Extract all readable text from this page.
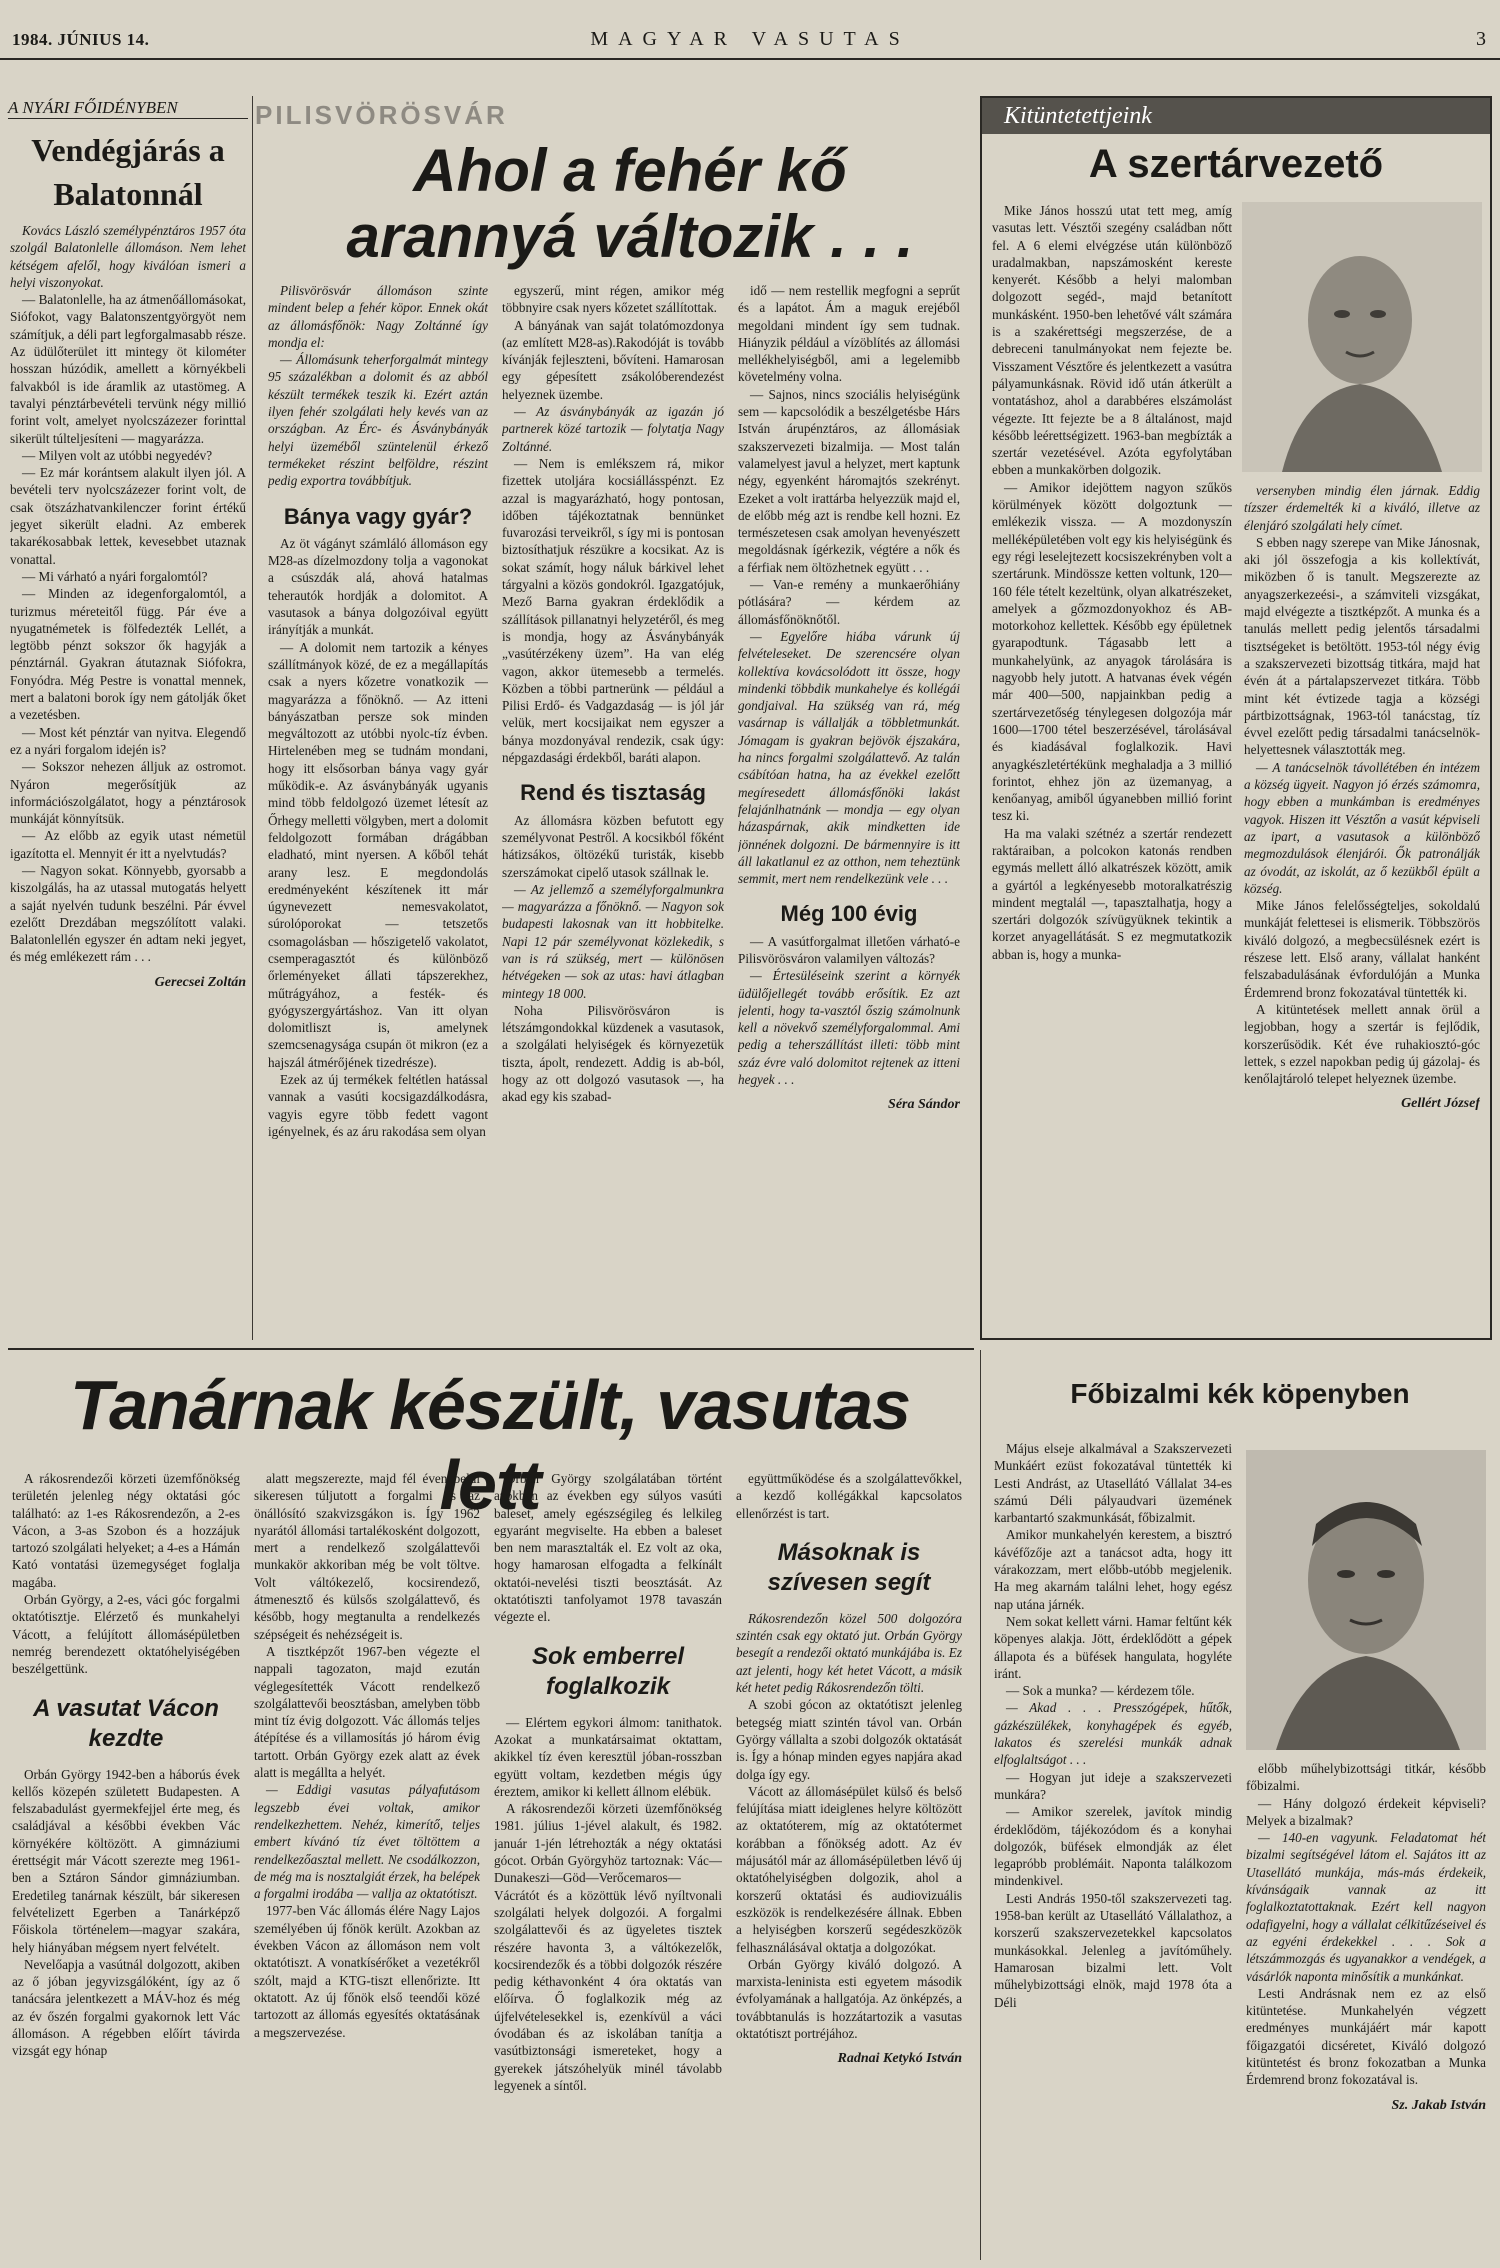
1984. JÚNIUS 14.	MAGYAR VASUTAS	3
A NYÁRI FŐIDÉNYBEN
Vendégjárás a Balatonnál

Kovács László személypénztáros 1957 óta szolgál Balatonlelle állomáson. Nem lehet kétségem afelől, hogy kiválóan ismeri a helyi viszonyokat.

— Balatonlelle, ha az átmenőállomásokat, Siófokot, vagy Balatonszentgyörgyöt nem számítjuk, a déli part legforgalmasabb része. Az üdülőterület itt mintegy öt kilométer hosszan húzódik, amellett a környékbeli falvakból is ide áramlik az utastömeg. A tavalyi pénztárbevételi tervünk négy millió forint volt, amelyet nyolcszázezer forinttal sikerült túlteljesíteni — magyarázza.

— Milyen volt az utóbbi negyedév?

— Ez már korántsem alakult ilyen jól. A bevételi terv nyolcszázezer forint volt, de csak ötszázhatvankilenczer forint értékű jegyet sikerült eladni. Az emberek takarékosabbak lettek, kevesebbet utaznak vonattal.

— Mi várható a nyári forgalomtól?

— Minden az idegenforgalomtól, a turizmus méreteitől függ. Pár éve a nyugatnémetek is fölfedezték Lellét, a legtöbb pénzt sokszor ők hagyják a pénztárnál. Gyakran átutaznak Siófokra, Fonyódra. Még Pestre is vonattal mennek, mert a balatoni borok így nem gátolják őket a vezetésben.

— Most két pénztár van nyitva. Elegendő ez a nyári forgalom idején is?

— Sokszor nehezen álljuk az ostromot. Nyáron megerősítjük az információszolgálatot, hogy a pénztárosok munkáját könnyítsük.

— Az előbb az egyik utast németül igazította el. Mennyit ér itt a nyelvtudás?

— Nagyon sokat. Könnyebb, gyorsabb a kiszolgálás, ha az utassal mutogatás helyett a saját nyelvén tudunk beszélni. Pár évvel ezelőtt Drezdában megszólított valaki. Balatonlellén egyszer én adtam neki jegyet, és még emlékezett rám . . .

Gerecsei Zoltán
PILISVÖRÖSVÁR
Ahol a fehér kő arannyá változik . . .

Pilisvörösvár állomáson szinte mindent belep a fehér köpor. Ennek okát az állomásfőnök: Nagy Zoltánné így mondja el:

— Állomásunk teherforgalmát mintegy 95 százalékban a dolomit és az abból készült termékek teszik ki. Ezért aztán ilyen fehér szolgálati hely kevés van az országban. Az Érc- és Ásványbányák helyi üzeméből szüntelenül érkező termékeket részint belföldre, részint pedig exportra továbbítjuk.

Bánya vagy gyár?

Az öt vágányt számláló állomáson egy M28-as dízelmozdony tolja a vagonokat a csúszdák alá, ahová hatalmas teherautók hordják a dolomitot. A vasutasok a bánya dolgozóival együtt irányítják a munkát.

— A dolomit nem tartozik a kényes szállítmányok közé, de ez a megállapítás csak a nyers kőzetre vonatkozik — magyarázza a főnöknő. — Az itteni bányászatban persze sok minden megváltozott az utóbbi nyolc-tíz évben. Hirtelenében meg se tudnám mondani, hogy itt elsősorban bánya vagy gyár működik-e. Az ásványbányák ugyanis mind több feldolgozó üzemet létesít az Őrhegy melletti völgyben, mert a dolomit feldolgozott formában drágábban eladható, mint nyersen. A kőből tehát arany lesz. E megdondolás eredményeként készítenek itt már úgynevezett nemesvakolatot, súrolóporokat — tetszetős csomagolásban — hőszigetelő vakolatot, csemperagasztót és különböző őrleményeket állati tápszerekhez, műtrágyához, a festék- és gyógyszergyártáshoz. Van itt olyan dolomitliszt is, amelynek szemcsenagysága csupán öt mikron (ez a hajszál átmérőjének tizedrésze).

Ezek az új termékek feltétlen hatással vannak a vasúti kocsigazdálkodásra, vagyis egyre több fedett vagont igényelnek, és az áru rakodása sem olyan

egyszerű, mint régen, amikor még többnyire csak nyers kőzetet szállítottak.

A bányának van saját tolatómozdonya (az említett M28-as).Rakodóját is tovább kívánják fejleszteni, bővíteni. Hamarosan egy gépesített zsákolóberendezést helyeznek üzembe.

— Az ásványbányák az igazán jó partnerek közé tartozik — folytatja Nagy Zoltánné.

— Nem is emlékszem rá, mikor fizettek utoljára kocsiállásspénzt. Ez azzal is magyarázható, hogy pontosan, időben tájékoztatnak bennünket fuvarozási terveikről, s így mi is pontosan biztosíthatjuk részükre a kocsikat. Az is sokat számít, hogy náluk bárkivel lehet tárgyalni a közös gondokról. Igazgatójuk, Mező Barna gyakran érdeklődik a szállítások pillanatnyi helyzetéről, és meg is mondja, hogy az Ásványbányák „vasútérzékeny üzem”. Ha van elég vagon, akkor ütemesebb a termelés. Közben a többi partnerünk — például a Pilisi Erdő- és Vadgazdaság — is jól jár velük, mert kocsijaikat nem egyszer a bánya mozdonyával rendezik, csak úgy: népgazdasági érdekből, baráti alapon.

Rend és tisztaság

Az állomásra közben befutott egy személyvonat Pestről. A kocsikból főként hátizsákos, öltözékű turisták, kisebb szerszámokat cipelő utasok szállnak le.

— Az jellemző a személyforgalmunkra — magyarázza a főnöknő. — Nagyon sok budapesti lakosnak van itt hobbitelke. Napi 12 pár személyvonat közlekedik, s van is rá szükség, mert — különösen hétvégeken — sok az utas: havi átlagban mintegy 18 000.

Noha Pilisvörösváron is létszámgondokkal küzdenek a vasutasok, a szolgálati helyiségek és környezetük tiszta, ápolt, rendezett. Addig is ab-ból, hogy az ott dolgozó vasutasok —, ha akad egy kis szabad-

idő — nem restellik megfogni a seprűt és a lapátot. Ám a maguk erejéből megoldani mindent így sem tudnak. Hiányzik például a vízöblítés az állomási mellékhelyiségből, ami a legelemibb követelmény volna.

— Sajnos, nincs szociális helyiségünk sem — kapcsolódik a beszélgetésbe Hárs István árupénztáros, az állomásiak szakszervezeti bizalmija. — Most talán valamelyest javul a helyzet, mert kaptunk négy, egyenként háromajtós szekrényt. Ezeket a volt irattárba helyezzük majd el, de előbb még azt is rendbe kell hozni. Ez természetesen csak amolyan hevenyészett megoldásnak ígérkezik, végtére a nők és a férfiak nem öltözhetnek együtt . . .

— Van-e remény a munkaerőhiány pótlására? — kérdem az állomásfőnöknőtől.

— Egyelőre hiába várunk új felvételeseket. De szerencsére olyan kollektíva kovácsolódott itt össze, hogy mindenki többdik munkahelye és kollégái gondjaival. Ha szükség van rá, még vasárnap is vállalják a többletmunkát. Jómagam is gyakran bejövök éjszakára, ha nincs forgalmi szolgálattevő. Az talán csábítóan hatna, ha az évekkel ezelőtt megíresedett állomásfőnöki lakást felajánlhatnánk — mondja — egy olyan házaspárnak, akik mindketten ide jönnének dolgozni. De bármennyire is itt áll lakatlanul ez az otthon, nem teheztünk semmit, mert nem rendelkezünk vele . . .

Még 100 évig

— A vasútforgalmat illetően várható-e Pilisvörösváron valamilyen változás?

— Értesüléseink szerint a környék üdülőjellegét tovább erősítik. Ez azt jelenti, hogy ta-vasztól őszig számolnunk kell a növekvő személyforgalommal. Ami pedig a teherszállítást illeti: több mint száz évre való dolomitot rejtenek az itteni hegyek . . .

Séra Sándor
Kitüntetettjeink
A szertárvezető

Mike János hosszú utat tett meg, amíg vasutas lett. Vésztői szegény családban nőtt fel. A 6 elemi elvégzése után különböző uradalmakban, napszámosként kereste kenyerét. Később a helyi malomban dolgozott segéd-, majd betanított munkásként. 1950-ben lehetővé vált számára is a szakérettségi megszerzése, de a debreceni tanulmányokat nem fejezte be. Visszament Vésztőre és jelentkezett a vasútra pályamunkásnak. Rövid idő után átkerült a vontatáshoz, ahol a darabbéres elszámolást végezte. Itt fejezte be a 8 általánost, majd később leérettségizett. 1963-ban megbízták a szertár vezetésével. Azóta egyfolytában ebben a munkakörben dolgozik.

— Amikor idejöttem nagyon szűkös körülmények között dolgoztunk — emlékezik vissza. — A mozdonyszín melléképületében volt egy kis helyiségünk és egy régi leselejtezett kocsiszekrényben volt a szertárunk. Mindössze ketten voltunk, 120—160 féle tételt kezeltünk, olyan alkatrészeket, amelyek a gőzmozdonyokhoz és AB-motorkohoz kellettek. Később egy épületnek gyarapodtunk. Tágasabb lett a munkahelyünk, az anyagok tárolására is nagyobb hely jutott. A hatvanas évek végén már 400—500, napjainkban pedig a szertárvezetőség ténylegesen dolgozója már 1600—1700 tétel beszerzésével, tárolásával és kiadásával foglalkozik. Havi anyagkészletértékünk meghaladja a 3 millió forintot, ehhez jön az üzemanyag, a kenőanyag, amiből úgyanebben millió forint tesz ki.

Ha ma valaki szétnéz a szertár rendezett raktáraiban, a polcokon katonás rendben egymás mellett álló alkatrészek között, amik a gyártól a legkényesebb motoralkatrészig mindent megtalál —, tapasztalhatja, hogy a szertári dolgozók szívügyüknek tekintik a korzet anyagellátását. S ez megmutatkozik abban is, hogy a munka-

versenyben mindig élen járnak. Eddig tízszer érdemelték ki a kiváló, illetve az élenjáró szolgálati hely címet.

S ebben nagy szerepe van Mike Jánosnak, aki jól összefogja a kis kollektívát, miközben ő is tanult. Megszerezte az anyagszerkezeési-, a számviteli vizsgákat, majd elvégezte a tisztképzőt. A munka és a tanulás mellett pedig jelentős társadalmi tisztségeket is betöltött. 1953-tól négy évig a szakszervezeti bizottság titkára, majd hat évén át a pártalapszervezet titkára. Több mint két évtizede tagja a községi pártbizottságnak, 1963-tól tanácstag, tíz évvel ezelőtt pedig társadalmi tanácselnök-helyettesnek választották meg.

— A tanácselnök távollétében én intézem a község ügyeit. Nagyon jó érzés számomra, hogy ebben a munkámban is eredményes vagyok. Hiszen itt Vésztőn a vasút képviseli az ipart, a vasutasok a különböző megmozdulások élenjárói. Ők patronálják az óvodát, az iskolát, az ő kezükből épült a község.

Mike János felelősségteljes, sokoldalú munkáját felettesei is elismerik. Többszörös kiváló dolgozó, a megbecsülésnek ezért is részese lett. Első arany, vállalat hanként felszabadulásának évfordulóján a Munka Érdemrend bronz fokozatával tüntették ki.

A kitüntetések mellett annak örül a legjobban, hogy a szertár is fejlődik, korszerűsödik. Két éve ruhakiosztó-góc lettek, s ezzel napokban pedig új gázolaj- és kenőlajtároló telepet helyeznek üzembe.

Gellért József
Tanárnak készült, vasutas lett

A rákosrendezői körzeti üzemfőnökség területén jelenleg négy oktatási góc található: az 1-es Rákosrendezőn, a 2-es Vácon, a 3-as Szobon és a hozzájuk tartozó szolgálati helyeket; a 4-es a Hámán Kató vontatási üzemegységet foglalja magába.

Orbán György, a 2-es, váci góc forgalmi oktatótisztje. Elérzető és munkahelyi Vácott, a felújított állomásépületben nemrég berendezett oktatóhelyiségében beszélgettünk.

A vasutat Vácon kezdte

Orbán György 1942-ben a háborús évek kellős közepén született Budapesten. A felszabadulást gyermekfejjel érte meg, és családjával a későbbi években Vác környékére költözött. A gimnáziumi érettségit már Vácott szerezte meg 1961-ben a Sztáron Sándor gimnáziumban. Eredetileg tanárnak készült, bár sikeresen felvételizett Egerben a Tanárképző Főiskola történelem—magyar szakára, hely hiányában mégsem nyert felvételt.

Nevelőapja a vasútnál dolgozott, akiben az ő jóban jegyvizsgálóként, így az ő tanácsára jelentkezett a MÁV-hoz és még az év őszén forgalmi gyakornok lett Vác állomáson. A régebben előírt távirda vizsgát egy hónap

alatt megszerezte, majd fél éven belül sikeresen túljutott a forgalmi és az önállósító szakvizsgákon is. Így 1962 nyarától állomási tartalékosként dolgozott, mert a rendelkező szolgálattevői munkakör akkoriban még be volt töltve. Volt váltókezelő, kocsirendező, átmenesztő és külsős szolgálattevő, és később, hogy megtanulta a rendelkezés szépségeit és nehézségeit is.

A tisztképzőt 1967-ben végezte el nappali tagozaton, majd ezután véglegesítették Vácott rendelkező szolgálattevői beosztásban, amelyben több mint tíz évig dolgozott. Vác állomás teljes átépítése és a villamosítás jó három évig tartott. Orbán György ezek alatt az évek alatt is megállta a helyét.

— Eddigi vasutas pályafutásom legszebb évei voltak, amikor rendelkezhettem. Nehéz, kimerítő, teljes embert kívánó tíz évet töltöttem a rendelkezőasztal mellett. Ne csodálkozzon, de még ma is nosztalgiát érzek, ha belépek a forgalmi irodába — vallja az oktatótiszt.

1977-ben Vác állomás élére Nagy Lajos személyében új főnök került. Azokban az években Vácon az állomáson nem volt oktatótiszt. A vonatkísérőket a vezetékről szólt, majd a KTG-tiszt ellenőrizte. Itt oktatott. Az új főnök első teendői közé tartozott az állomás egyesítés oktatásának a megszervezése.

Orbán György szolgálatában történt azokban az években egy súlyos vasúti baleset, amely egészségileg és lelkileg egyaránt megviselte. Ha ebben a baleset ben nem marasztalták el. Ez volt az oka, hogy hamarosan elfogadta a felkínált oktatói-nevelési tiszti beosztását. Az oktatótiszti tanfolyamot 1978 tavaszán végezte el.

Sok emberrel foglalkozik

— Elértem egykori álmom: tanithatok. Azokat a munkatársaimat oktattam, akikkel tíz éven keresztül jóban-rosszban együtt voltam, kezdetben mégis úgy éreztem, amikor ki kellett állnom elébük.

A rákosrendezői körzeti üzemfőnökség 1981. július 1-jével alakult, és 1982. január 1-jén létrehozták a négy oktatási gócot. Orbán Györgyhöz tartoznak: Vác—Dunakeszi—Göd—Verőcemaros—Vácrátót és a közöttük lévő nyíltvonali szolgálati helyek dolgozói. A forgalmi szolgálattevői és az ügyeletes tisztek részére havonta 3, a váltókezelők, kocsirendezők és a többi dolgozók részére pedig kéthavonként 4 óra oktatás van előírva. Ő foglalkozik még az újfelvételesekkel is, ezenkívül a váci óvodában és az iskolában tanítja a vasútbiztonsági ismereteket, hogy a gyerekek játszóhelyük minél távolabb legyenek a síntől.

együttműködése és a szolgálattevőkkel, a kezdő kollégákkal kapcsolatos ellenőrzést is tart.

Másoknak is szívesen segít

Rákosrendezőn közel 500 dolgozóra szintén csak egy oktató jut. Orbán György besegít a rendezői oktató munkájába is. Ez azt jelenti, hogy két hetet Vácott, a másik két hetet pedig Rákosrendezőn tölti.

A szobi gócon az oktatótiszt jelenleg betegség miatt szintén távol van. Orbán György vállalta a szobi dolgozók oktatását is. Így a hónap minden egyes napjára akad dolga így egy.

Vácott az állomásépület külső és belső felújítása miatt ideiglenes helyre költözött az oktatóterem, míg az oktatótermet korábban a főnökség adott. Az év májusától már az állomásépületben lévő új oktatóhelyiségben dolgozik, ahol a korszerű oktatási és audiovizuális eszközök is rendelkezésére állnak. Ebben a helyiségben korszerű segédeszközök felhasználásával oktatja a dolgozókat.

Orbán György kiváló dolgozó. A marxista-leninista esti egyetem második évfolyamának a hallgatója. Az önképzés, a továbbtanulás is hozzátartozik a vasutas oktatótiszt portréjához.

Radnai Ketykó István
Főbizalmi kék köpenyben

Május elseje alkalmával a Szakszervezeti Munkáért ezüst fokozatával tüntették ki Lesti Andrást, az Utasellátó Vállalat 34-es számú Déli pályaudvari üzemének karbantartó szakmunkását, főbizalmit.

Amikor munkahelyén kerestem, a bisztró kávéfőzője azt a tanácsot adta, hogy itt várakozzam, mert előbb-utóbb megjelenik. Ha meg akarnám találni lehet, hogy egész nap utána járnék.

Nem sokat kellett várni. Hamar feltűnt kék köpenyes alakja. Jött, érdeklődött a gépek állapota és a büfések hangulata, hogyléte iránt.

— Sok a munka? — kérdezem tőle.

— Akad . . . Presszógépek, hűtők, gázkészülékek, konyhagépek és egyéb, lakatos és szerelési munkák adnak elfoglaltságot . . .

— Hogyan jut ideje a szakszervezeti munkára?

— Amikor szerelek, javítok mindig érdeklődöm, tájékozódom és a konyhai dolgozók, büfések elmondják az élet legapróbb problémáit. Naponta találkozom mindenkivel.

Lesti András 1950-től szakszervezeti tag. 1958-ban került az Utasellátó Vállalathoz, a korszerű szakszervezetekkel kapcsolatos munkásokkal. Jelenleg a javítóműhely. Hamarosan bizalmi lett. Volt műhelybizottsági elnök, majd 1978 óta a Déli

előbb műhelybizottsági titkár, később főbizalmi.

— Hány dolgozó érdekeit képviseli? Melyek a bizalmak?

— 140-en vagyunk. Feladatomat hét bizalmi segítségével látom el. Sajátos itt az Utasellátó munkája, más-más érdekeik, kívánságaik vannak az itt foglalkoztatottaknak. Ezért kell nagyon odafigyelni, hogy a vállalat célkitűzéseivel és az egyéni érdekekkel . . . Sok a létszámmozgás és ugyanakkor a vendégek, a vásárlók naponta minősítik a munkánkat.

Lesti Andrásnak nem ez az első kitüntetése. Munkahelyén végzett eredményes munkájáért már kapott főigazgatói dicséretet, Kiváló dolgozó kitüntetést és bronz fokozatban a Munka Érdemrend bronz fokozatával is.

Sz. Jakab István
